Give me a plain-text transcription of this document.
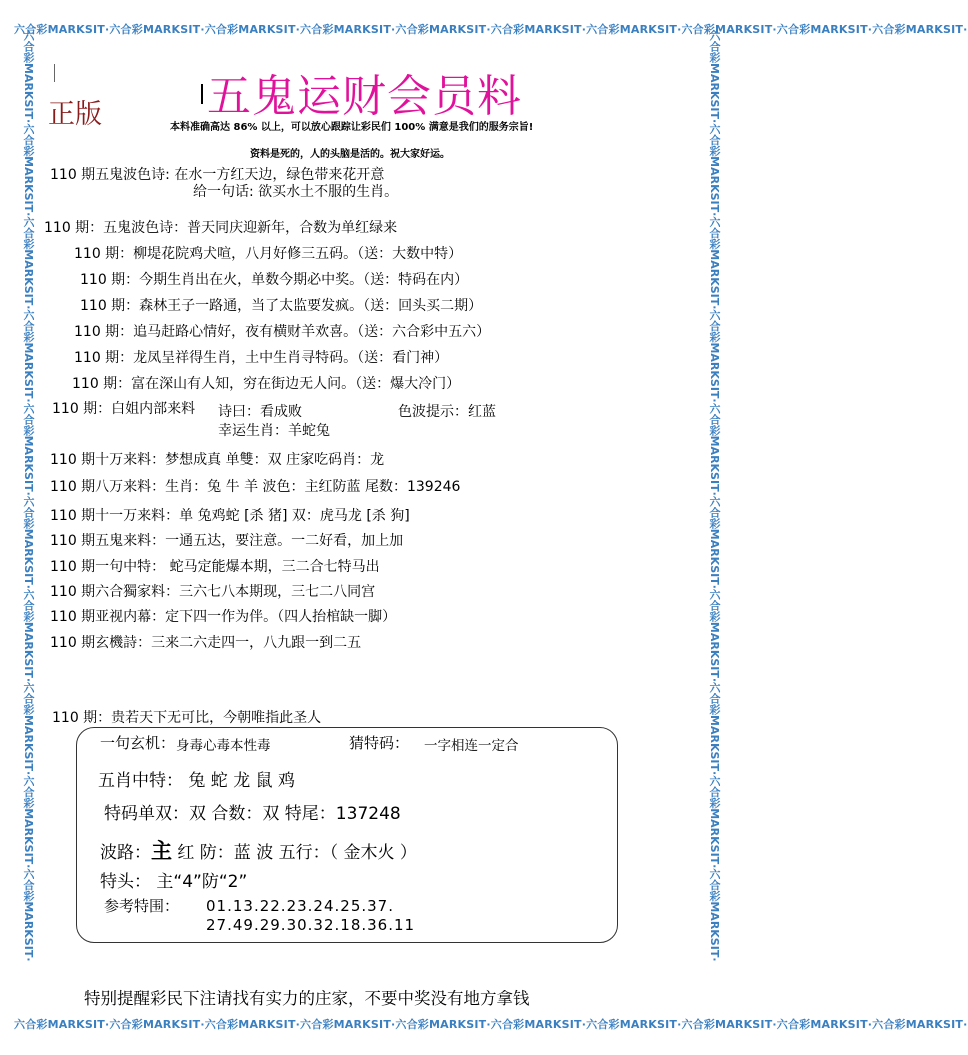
六合彩MARKSIT·六合彩MARKSIT·六合彩MARKSIT·六合彩MARKSIT·六合彩MARKSIT·六合彩MARKSIT·六合彩MARKSIT·六合彩MARKSIT·六合彩MARKSIT·六合彩MARKSIT·
六合彩MARKSIT·六合彩MARKSIT·六合彩MARKSIT·六合彩MARKSIT·六合彩MARKSIT·六合彩MARKSIT·六合彩MARKSIT·六合彩MARKSIT·六合彩MARKSIT·六合彩MARKSIT·
六合彩MARKSIT·六合彩MARKSIT·六合彩MARKSIT·六合彩MARKSIT·六合彩MARKSIT·六合彩MARKSIT·六合彩MARKSIT·六合彩MARKSIT·六合彩MARKSIT·六合彩MARKSIT·	六合彩MARKSIT·六合彩MARKSIT·六合彩MARKSIT·六合彩MARKSIT·六合彩MARKSIT·六合彩MARKSIT·六合彩MARKSIT·六合彩MARKSIT·六合彩MARKSIT·六合彩MARKSIT·
五鬼运财会员料
正版	本料准确高达 86% 以上，可以放心跟踪让彩民们 100% 满意是我们的服务宗旨!
资料是死的，人的头脑是活的。祝大家好运。
110 期五鬼波色诗: 在水一方红天边，绿色带来花开意
给一句话: 欲买水土不服的生肖。
110 期：五鬼波色诗：普天同庆迎新年，合数为单红绿来
110 期：柳堤花院鸡犬喧，八月好修三五码。（送：大数中特）
110 期：今期生肖出在火，单数今期必中奖。（送：特码在内）
110 期：森林王子一路通，当了太监要发疯。（送：回头买二期）
110 期：追马赶路心情好，夜有横财羊欢喜。（送：六合彩中五六）
110 期：龙凤呈祥得生肖，土中生肖寻特码。（送：看门神）
110 期：富在深山有人知，穷在街边无人问。（送：爆大冷门）
110 期：白姐内部来料 诗曰：看成败	色波提示：红蓝
幸运生肖：羊蛇兔
110 期十万来料：梦想成真 单雙：双 庄家吃码肖：龙
110 期八万来料：生肖：兔 牛 羊 波色：主红防蓝 尾数：139246
110 期十一万来料：单 兔鸡蛇 [杀 猪] 双：虎马龙 [杀 狗]
110 期五鬼来料：一通五达，要注意。一二好看，加上加
110 期一句中特： 蛇马定能爆本期，三二合七特马出
110 期六合獨家料：三六七八本期现，三七二八同宫
110 期亚视内幕：定下四一作为伴。（四人抬棺缺一脚）
110 期玄機詩：三来二六走四一，八九跟一到二五
110 期：贵若天下无可比，今朝唯指此圣人
一句玄机： 身毒心毒本性毒	猜特码： 一字相连一定合
五肖中特： 兔 蛇 龙 鼠 鸡
特码单双：双 合数：双 特尾：137248
波路：主 红 防：蓝 波 五行：（ 金木火 ）
特头： 主“4”防“2”
参考特围： 01.13.22.23.24.25.37.
27.49.29.30.32.18.36.11
特别提醒彩民下注请找有实力的庄家，不要中奖没有地方拿钱
